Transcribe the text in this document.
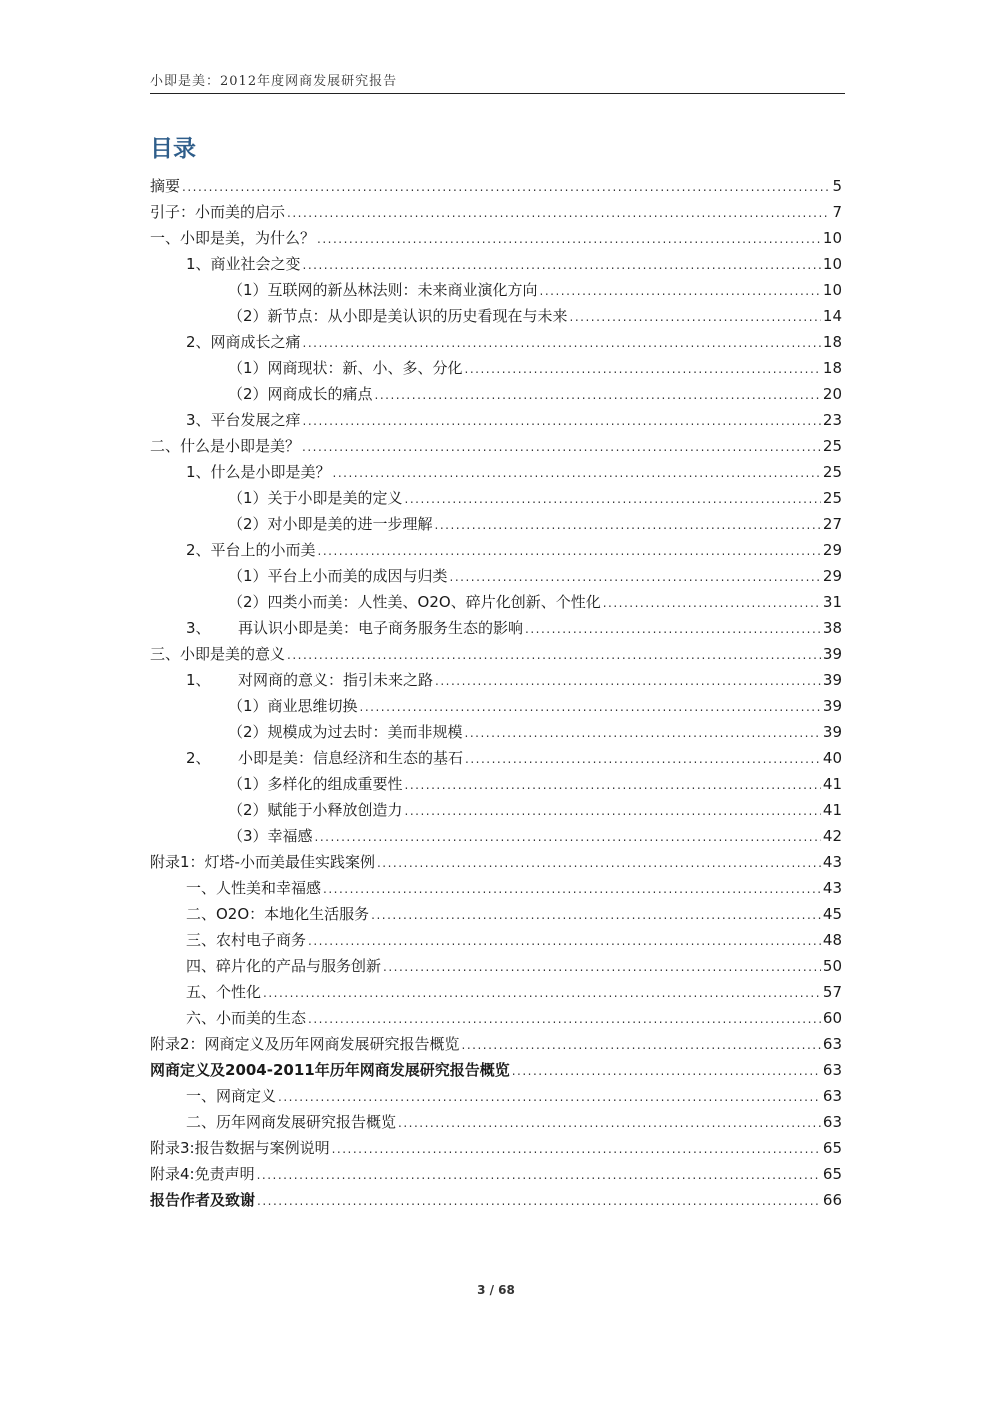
小即是美：2012年度网商发展研究报告
目录
摘要 .....	5
引子：小而美的启示 .....	7
一、小即是美，为什么？ .....	10
1、商业社会之变 .....	10
（1）互联网的新丛林法则：未来商业演化方向 .....	10
（2）新节点：从小即是美认识的历史看现在与未来 .....	14
2、网商成长之痛 .....	18
（1）网商现状：新、小、多、分化 .....	18
（2）网商成长的痛点 .....	20
3、平台发展之痒 .....	23
二、什么是小即是美？ .....	25
1、什么是小即是美？ .....	25
（1）关于小即是美的定义 .....	25
（2）对小即是美的进一步理解 .....	27
2、平台上的小而美 .....	29
（1）平台上小而美的成因与归类 .....	29
（2）四类小而美：人性美、O2O、碎片化创新、个性化 .....	31
3、 再认识小即是美：电子商务服务生态的影响 .....	38
三、小即是美的意义 .....	39
1、 对网商的意义：指引未来之路 .....	39
（1）商业思维切换 .....	39
（2）规模成为过去时：美而非规模 .....	39
2、 小即是美：信息经济和生态的基石 .....	40
（1）多样化的组成重要性 .....	41
（2）赋能于小释放创造力 .....	41
（3）幸福感 .....	42
附录1：灯塔-小而美最佳实践案例 .....	43
一、人性美和幸福感 .....	43
二、O2O：本地化生活服务 .....	45
三、农村电子商务 .....	48
四、碎片化的产品与服务创新 .....	50
五、个性化 .....	57
六、小而美的生态 .....	60
附录2：网商定义及历年网商发展研究报告概览 .....	63
网商定义及2004-2011年历年网商发展研究报告概览 .....	63
一、网商定义 .....	63
二、历年网商发展研究报告概览 .....	63
附录3:报告数据与案例说明 .....	65
附录4:免责声明 .....	65
报告作者及致谢 .....	66
3 / 68
